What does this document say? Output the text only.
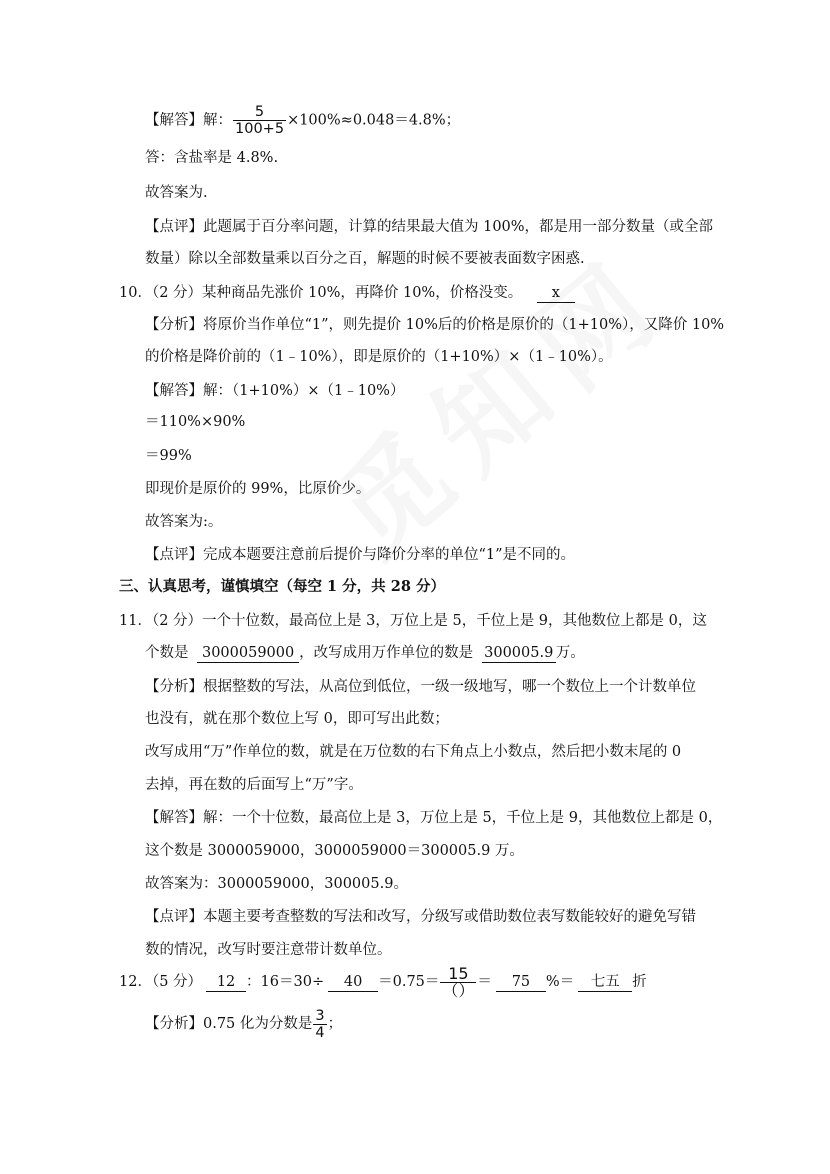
【解答】解： $\frac{5}{100+5} \times 100\%\approx 0.048=4.8\%$；
答：含盐率是 4.8%.
故答案为.
【点评】此题属于百分率问题，计算的结果最大值为 100%，都是用一部分数量（或全部
数量）除以全部数量乘以百分之百，解题的时候不要被表面数字困惑.
10．（2 分）某种商品先涨价 10%，再降价 10%，价格没变。 x
【分析】将原价当作单位“1”，则先提价 10%后的价格是原价的（1+10%），又降价 10%
的价格是降价前的（1﹣10%），即是原价的（1+10%）×（1﹣10%）。
【解答】解：（1+10%）×（1﹣10%）
＝110%×90%
＝99%
即现价是原价的 99%，比原价少。
故答案为:。
【点评】完成本题要注意前后提价与降价分率的单位“1”是不同的。
三、认真思考，谨慎填空（每空 1 分，共 28 分）
11．（2 分）一个十位数，最高位上是 3，万位上是 5，千位上是 9，其他数位上都是 0，这
个数是 3000059000 ，改写成用万作单位的数是 300005.9 万。
【分析】根据整数的写法，从高位到低位，一级一级地写，哪一个数位上一个计数单位
也没有，就在那个数位上写 0，即可写出此数；
改写成用“万”作单位的数，就是在万位数的右下角点上小数点，然后把小数末尾的 0
去掉，再在数的后面写上“万”字。
【解答】解：一个十位数，最高位上是 3，万位上是 5，千位上是 9，其他数位上都是 0，
这个数是 3000059000，3000059000＝300005.9 万。
故答案为：3000059000，300005.9。
【点评】本题主要考查整数的写法和改写，分级写或借助数位表写数能较好的避免写错
数的情况，改写时要注意带计数单位。
12．（5 分） 12 ：$16=30\div 40 =0.75= \frac{15}{()} = 75$ %＝ 七五 折
【分析】0.75 化为分数是 $\frac{3}{4}$ ；
